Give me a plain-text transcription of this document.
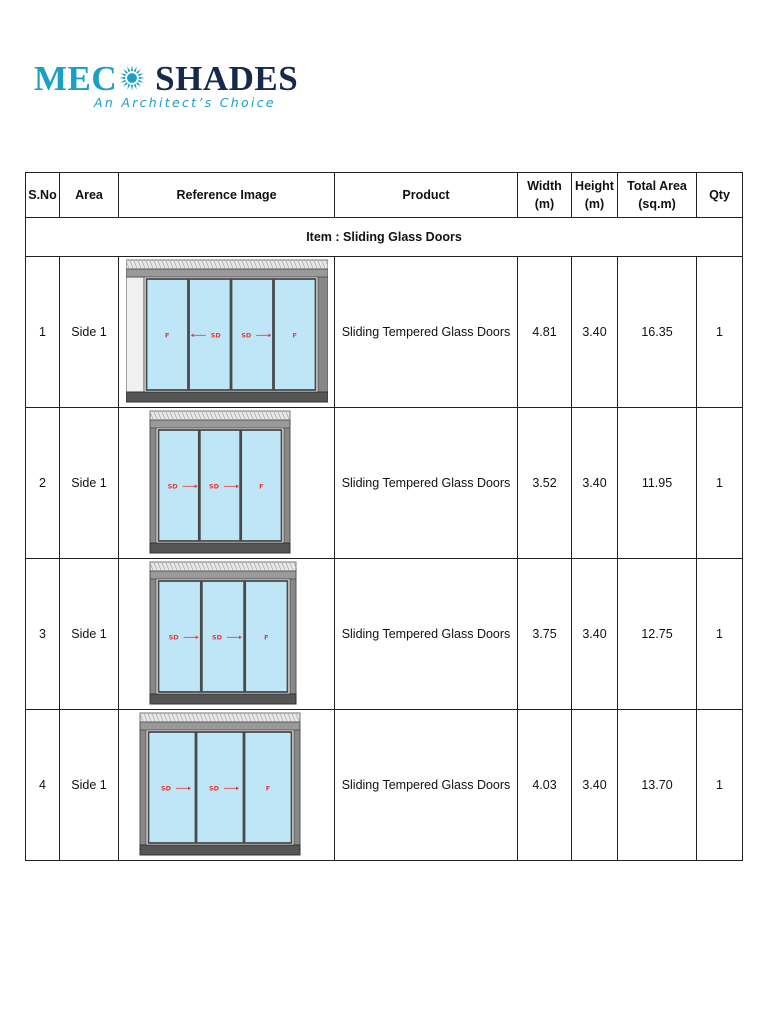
MEC SHADES
An Architect’s Choice
S.No	Area	Reference Image	Product	Width (m)	Height (m)	Total Area (sq.m)	Qty
Item : Sliding Glass Doors							
1	Side 1	F SD SD F	Sliding Tempered Glass Doors	4.81	3.40	16.35	1
2	Side 1	SD SD F	Sliding Tempered Glass Doors	3.52	3.40	11.95	1
3	Side 1	SD SD F	Sliding Tempered Glass Doors	3.75	3.40	12.75	1
4	Side 1	SD SD F	Sliding Tempered Glass Doors	4.03	3.40	13.70	1
